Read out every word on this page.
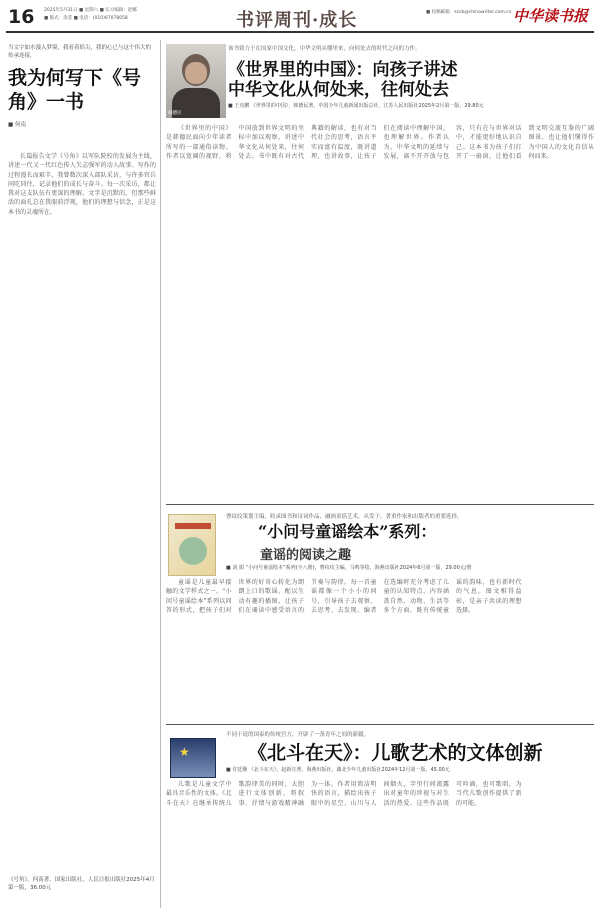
16 2025年5月31日 ■ 星期六 ■ 实习编辑：赵娜
■ 版式：余荟 ■ 电话：(010)67078058	书评周刊·成长	■ 投稿邮箱：szcb@chinawriter.com.cn 中华读书报
当文字如水漫入梦境，我看着焰尖，我的心已与这个伟大的传承连接。
我为何写下《号角》一书
■ 何南

长篇报告文学《号角》以军队院校的发展为主线，讲述一代又一代红色传人矢志强军的动人故事。写作的过程漫长而艰辛，我曾数次深入部队采访，与许多官兵同吃同住，记录他们的成长与奋斗。每一次采访，都让我对这支队伍有更深的理解。文字是沉默的，但那些鲜活的面孔总在我眼前浮现，他们的理想与信念，正是这本书的灵魂所在。

《号角》，何南著，国家出版社，人民日报出版社2025年4月第一版，36.00元
韩德民
该书致力于在国家中国文化，中华文明从哪里来，向何处去的时代之问的力作。
《世界里的中国》：向孩子讲述
中华文化从何处来，往何处去
■ 王克鹏 《世界里的中国》，韩德民著，中国少年儿童新闻出版总社，江苏人民出版社2025年2月第一版，29.80元

《世界里的中国》是韩德民面向少年读者所写的一部通俗读物。作者以宽阔的视野，将中国放到世界文明的坐标中加以观察，讲述中华文化从何处来，往何处去。书中既有对古代典籍的解读，也有对当代社会的思考，语言平实而富有温度，既讲道理，也讲故事，让孩子们在阅读中理解中国，也理解世界。作者认为，中华文明的延续与发展，离不开开放与包容，只有在与世界对话中，才能更好地认识自己。这本书为孩子们打开了一扇窗，让他们看到文明交流互鉴的广阔图景，也让他们懂得作为中国人的文化自信从何而来。

曹纹纹策划主编，收录图书和诗词作品，融画童谣艺术，从发于，著重作家和出版者的重要选择。
“小问号童谣绘本”系列：
童谣的阅读之趣
■ 刘 娟 “小问号童谣绘本”系列(全八册)，曹纹纹主编，马鸣等绘，海燕出版社2024年6月第一版，29.00元/册

童谣是儿童最早接触的文学样式之一。“小问号童谣绘本”系列以问答的形式，把孩子们对世界的好奇心转化为朗朗上口的歌谣，配以生动有趣的插图，让孩子们在诵读中感受语言的节奏与韵律。每一首童谣都像一个小小的问号，引导孩子去观察、去思考、去发现。编者在选编时充分考虑了儿童的认知特点，内容涵盖自然、动物、生活等多个方面，既有传统童谣的韵味，也有新时代的气息。图文相得益彰，是亲子共读的理想选择。

★
不同于说的国泰的传统宫方，开辟了一条青年之间的新疆。
《北斗在天》：儿歌艺术的文体创新
■ 许廷顺 《北斗在天》，赵新庄著，海燕出版社，湖北少年儿童出版社2024年12月第一版，45.00元

儿歌是儿童文学中最具音乐性的文体。《北斗在天》在继承传统儿歌韵律美的同时，大胆进行文体创新，将叙事、抒情与游戏精神融为一体。作者用简洁明快的语言，描绘出孩子眼中的星空、山川与人间烟火，字里行间流露出对童年的珍视与对生活的热爱。这些作品既可吟诵，也可歌唱，为当代儿歌创作提供了新的可能。
